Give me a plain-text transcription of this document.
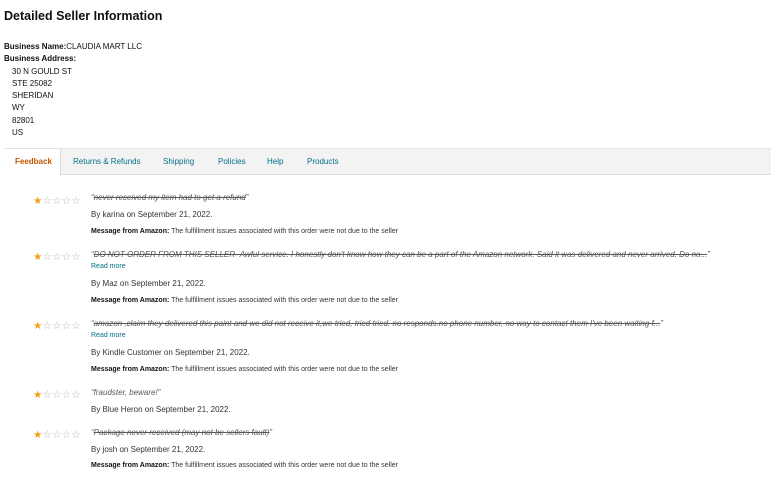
Detailed Seller Information
Business Name:CLAUDIA MART LLC
Business Address:
30 N GOULD ST
STE 25082
SHERIDAN
WY
82801
US
Feedback	Returns & Refunds	Shipping	Policies	Help	Products
★ ☆ ☆ ☆ ☆ “never received my item had to get a refund”
By karina on September 21, 2022.
Message from Amazon: The fulfillment issues associated with this order were not due to the seller
★ ☆ ☆ ☆ ☆ “DO NOT ORDER FROM THIS SELLER- Awful service. I honestly don't know how they can be a part of the Amazon network. Said it was delivered and never arrived. Do no...”
Read more
By Maz on September 21, 2022.
Message from Amazon: The fulfillment issues associated with this order were not due to the seller
★ ☆ ☆ ☆ ☆ “amazon ,claim they delivered this paint and we did not receive it,we tried, tried tried. no responds.no phone number, no way to contact them I've been waiting f...”
Read more
By Kindle Customer on September 21, 2022.
Message from Amazon: The fulfillment issues associated with this order were not due to the seller
★ ☆ ☆ ☆ ☆ “fraudster, beware!”
By Blue Heron on September 21, 2022.
★ ☆ ☆ ☆ ☆ “Package never received (may not be sellers fault)”
By josh on September 21, 2022.
Message from Amazon: The fulfillment issues associated with this order were not due to the seller
